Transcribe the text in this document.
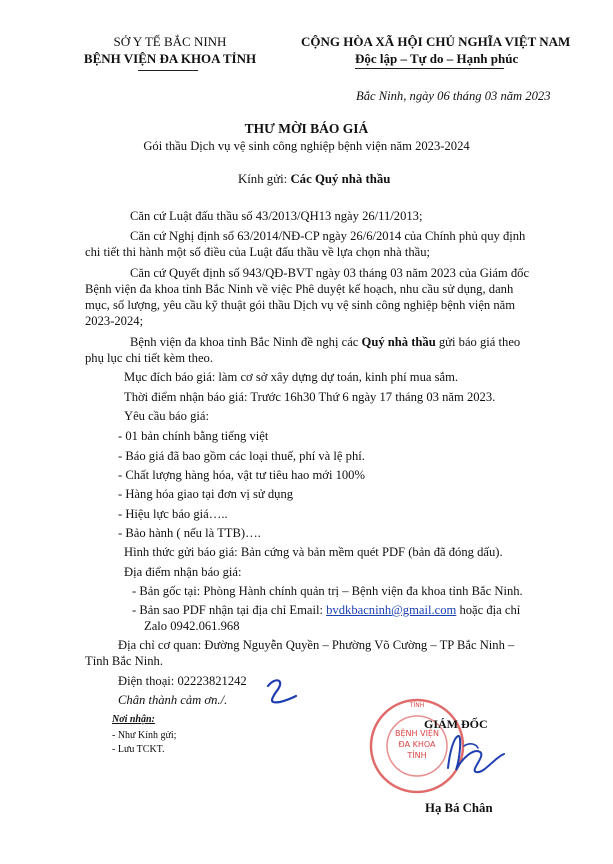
SỞ Y TẾ BẮC NINH
BỆNH VIỆN ĐA KHOA TỈNH
CỘNG HÒA XÃ HỘI CHỦ NGHĨA VIỆT NAM
Độc lập – Tự do – Hạnh phúc
Bắc Ninh, ngày 06 tháng 03 năm 2023
THƯ MỜI BÁO GIÁ
Gói thầu Dịch vụ vệ sinh công nghiệp bệnh viện năm 2023-2024
Kính gửi: Các Quý nhà thầu
Căn cứ Luật đấu thầu số 43/2013/QH13 ngày 26/11/2013;
Căn cứ Nghị định số 63/2014/NĐ-CP ngày 26/6/2014 của Chính phủ quy định
chi tiết thi hành một số điều của Luật đấu thầu về lựa chọn nhà thầu;
Căn cứ Quyết định số 943/QĐ-BVT ngày 03 tháng 03 năm 2023 của Giám đốc
Bệnh viện đa khoa tỉnh Bắc Ninh về việc Phê duyệt kế hoạch, nhu cầu sử dụng, danh
mục, số lượng, yêu cầu kỹ thuật gói thầu Dịch vụ vệ sinh công nghiệp bệnh viện năm
2023-2024;
Bệnh viện đa khoa tỉnh Bắc Ninh đề nghị các Quý nhà thầu gửi báo giá theo
phụ lục chi tiết kèm theo.
Mục đích báo giá: làm cơ sở xây dựng dự toán, kinh phí mua sắm.
Thời điểm nhận báo giá: Trước 16h30 Thứ 6 ngày 17 tháng 03 năm 2023.
Yêu cầu báo giá:
- 01 bản chính bằng tiếng việt
- Báo giá đã bao gồm các loại thuế, phí và lệ phí.
- Chất lượng hàng hóa, vật tư tiêu hao mới 100%
- Hàng hóa giao tại đơn vị sử dụng
- Hiệu lực báo giá…..
- Bảo hành ( nếu là TTB)….
Hình thức gửi báo giá: Bản cứng và bản mềm quét PDF (bản đã đóng dấu).
Địa điểm nhận báo giá:
- Bản gốc tại: Phòng Hành chính quản trị – Bệnh viện đa khoa tỉnh Bắc Ninh.
- Bản sao PDF nhận tại địa chỉ Email: bvdkbacninh@gmail.com hoặc địa chỉ
Zalo 0942.061.968
Địa chỉ cơ quan: Đường Nguyễn Quyền – Phường Võ Cường – TP Bắc Ninh –
Tỉnh Bắc Ninh.
Điện thoại: 02223821242
Chân thành cảm ơn./.
Nơi nhận:
- Như Kính gửi;
- Lưu TCKT.
TỈNH
BỆNH VIỆN
ĐA KHOA
TỈNH
GIÁM ĐỐC
Hạ Bá Chân
